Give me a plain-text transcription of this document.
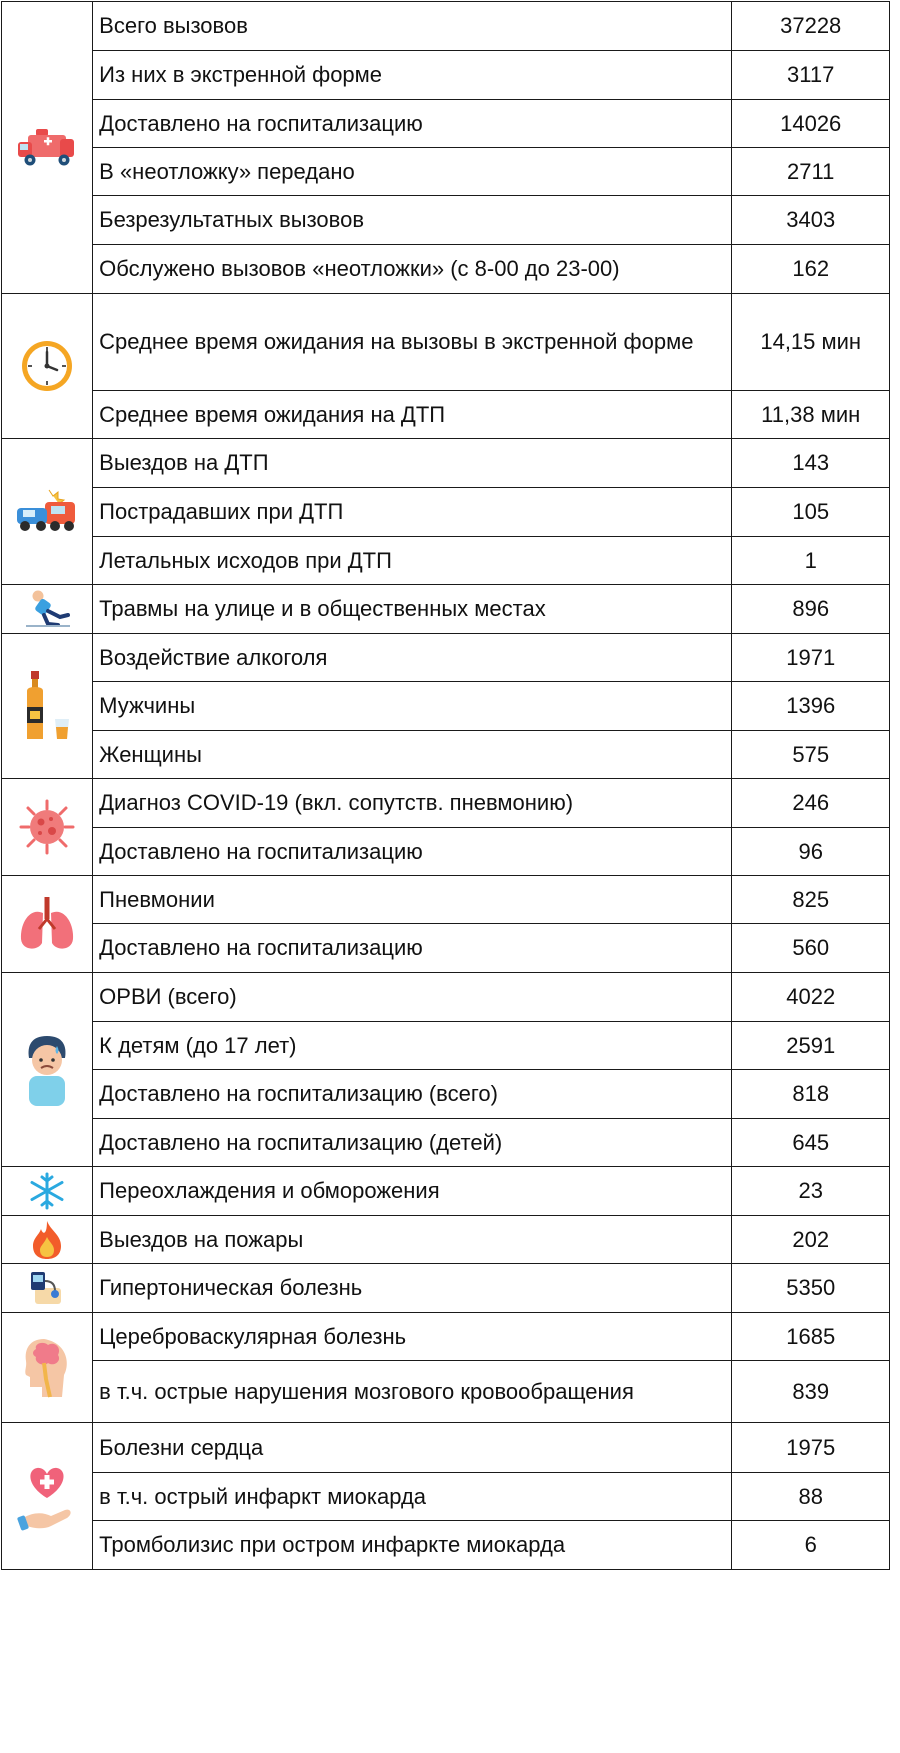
	Всего вызовов	37228
	Из них в экстренной форме	3117
	Доставлено на госпитализацию	14026
	В «неотложку» передано	2711
	Безрезультатных вызовов	3403
	Обслужено вызовов «неотложки» (с 8-00 до 23-00)	162
	Среднее время ожидания на вызовы в экстренной форме	14,15 мин
	Среднее время ожидания на ДТП	11,38 мин
	Выездов на ДТП	143
	Пострадавших при ДТП	105
	Летальных исходов при ДТП	1
	Травмы на улице и в общественных местах	896
	Воздействие алкоголя	1971
	Мужчины	1396
	Женщины	575
	Диагноз COVID-19 (вкл. сопутств. пневмонию)	246
	Доставлено на госпитализацию	96
	Пневмонии	825
	Доставлено на госпитализацию	560
	ОРВИ (всего)	4022
	К детям (до 17 лет)	2591
	Доставлено на госпитализацию (всего)	818
	Доставлено на госпитализацию (детей)	645
	Переохлаждения и обморожения	23
	Выездов на пожары	202
	Гипертоническая болезнь	5350
	Цереброваскулярная болезнь	1685
	в т.ч. острые нарушения мозгового кровообращения	839
	Болезни сердца	1975
	в т.ч. острый инфаркт миокарда	88
	Тромболизис при остром инфаркте миокарда	6
